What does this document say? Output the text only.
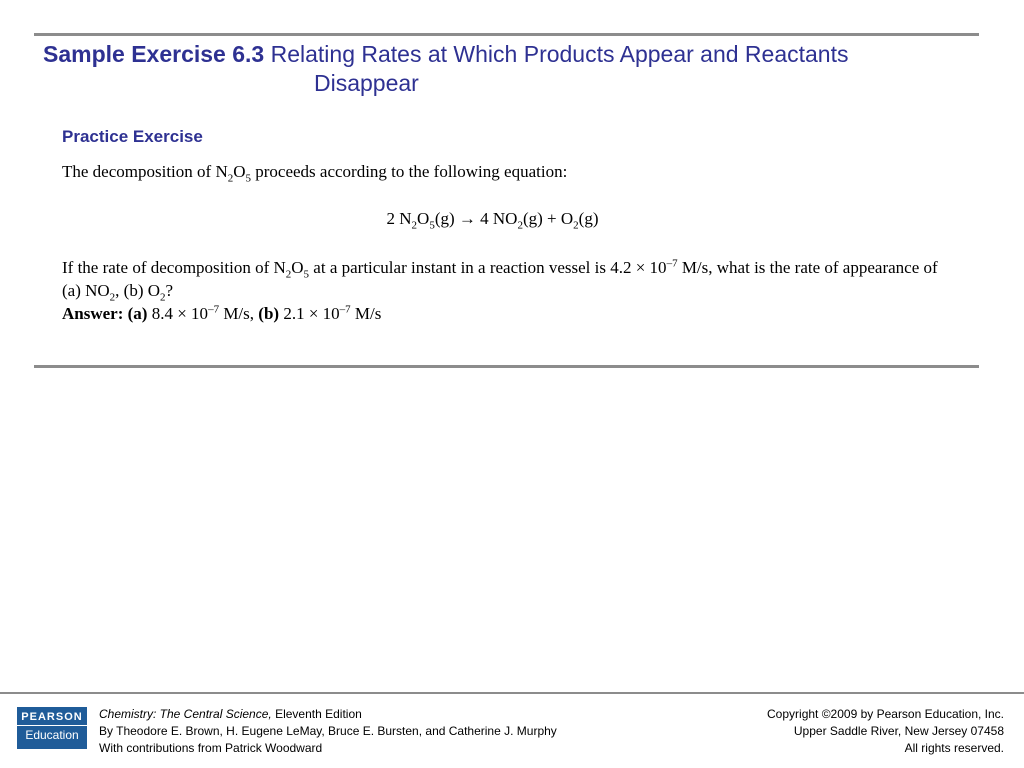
Sample Exercise 6.3 Relating Rates at Which Products Appear and Reactants
Disappear
Practice Exercise
The decomposition of $N_2O_5$ proceeds according to the following equation:
2 $N_2O_5(g) \to 4$ $NO_2(g) + O_2(g)$
If the rate of decomposition of $N_2O_5$ at a particular instant in a reaction vessel is $4.2 \times 10^{-7}$ M/s, what is the rate of appearance of (a) $NO_2$, (b) $O_2$?
Answer: (a) $8.4 \times 10^{-7}$ M/s, (b) $2.1 \times 10^{-7}$ M/s
PEARSON
Education
Chemistry: The Central Science, Eleventh Edition
By Theodore E. Brown, H. Eugene LeMay, Bruce E. Bursten, and Catherine J. Murphy
With contributions from Patrick Woodward
Copyright ©2009 by Pearson Education, Inc.
Upper Saddle River, New Jersey 07458
All rights reserved.
